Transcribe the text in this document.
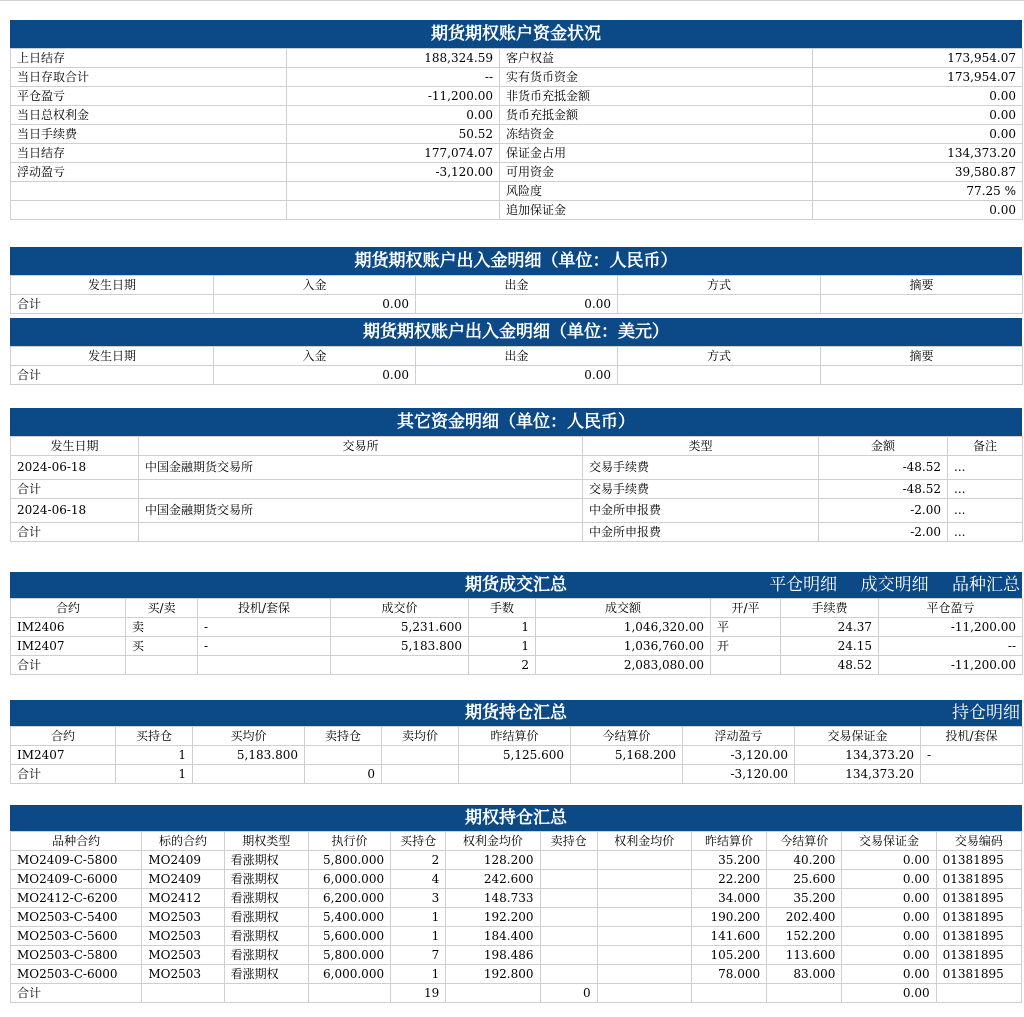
期货期权账户资金状况
上日结存	188,324.59	客户权益	173,954.07
当日存取合计	--	实有货币资金	173,954.07
平仓盈亏	-11,200.00	非货币充抵金额	0.00
当日总权利金	0.00	货币充抵金额	0.00
当日手续费	50.52	冻结资金	0.00
当日结存	177,074.07	保证金占用	134,373.20
浮动盈亏	-3,120.00	可用资金	39,580.87
		风险度	77.25 %
		追加保证金	0.00
期货期权账户出入金明细（单位：人民币）
发生日期	入金	出金	方式	摘要
合计	0.00	0.00		
期货期权账户出入金明细（单位：美元）
发生日期	入金	出金	方式	摘要
合计	0.00	0.00		
其它资金明细（单位：人民币）
发生日期	交易所	类型	金额	备注
2024-06-18	中国金融期货交易所	交易手续费	-48.52	...
合计		交易手续费	-48.52	...
2024-06-18	中国金融期货交易所	中金所申报费	-2.00	...
合计		中金所申报费	-2.00	...
期货成交汇总	平仓明细 成交明细 品种汇总
合约	买/卖	投机/套保	成交价	手数	成交额	开/平	手续费	平仓盈亏
IM2406	卖	-	5,231.600	1	1,046,320.00	平	24.37	-11,200.00
IM2407	买	-	5,183.800	1	1,036,760.00	开	24.15	--
合计				2	2,083,080.00		48.52	-11,200.00
期货持仓汇总	持仓明细
合约	买持仓	买均价	卖持仓	卖均价	昨结算价	今结算价	浮动盈亏	交易保证金	投机/套保
IM2407	1	5,183.800			5,125.600	5,168.200	-3,120.00	134,373.20	-
合计	1		0				-3,120.00	134,373.20	
期权持仓汇总
品种合约	标的合约	期权类型	执行价	买持仓	权利金均价	卖持仓	权利金均价	昨结算价	今结算价	交易保证金	交易编码
MO2409-C-5800	MO2409	看涨期权	5,800.000	2	128.200			35.200	40.200	0.00	01381895
MO2409-C-6000	MO2409	看涨期权	6,000.000	4	242.600			22.200	25.600	0.00	01381895
MO2412-C-6200	MO2412	看涨期权	6,200.000	3	148.733			34.000	35.200	0.00	01381895
MO2503-C-5400	MO2503	看涨期权	5,400.000	1	192.200			190.200	202.400	0.00	01381895
MO2503-C-5600	MO2503	看涨期权	5,600.000	1	184.400			141.600	152.200	0.00	01381895
MO2503-C-5800	MO2503	看涨期权	5,800.000	7	198.486			105.200	113.600	0.00	01381895
MO2503-C-6000	MO2503	看涨期权	6,000.000	1	192.800			78.000	83.000	0.00	01381895
合计				19		0				0.00	
